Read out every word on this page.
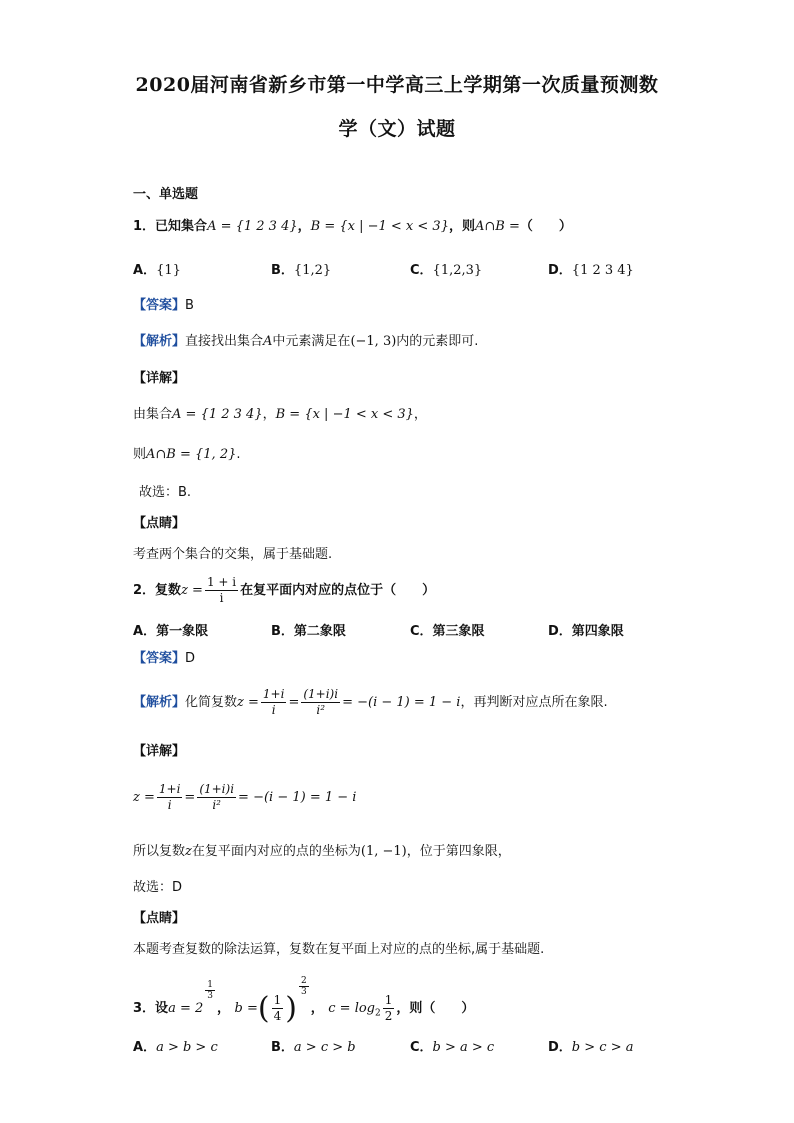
2020届河南省新乡市第一中学高三上学期第一次质量预测数
学（文）试题
一、单选题
1．已知集合A = {1 2 3 4}，B = {x | −1 < x < 3}，则A∩B =（　　）
A．{1}	B．{1,2}	C．{1,2,3}	D．{1 2 3 4}
【答案】B
【解析】直接找出集合A中元素满足在(−1, 3)内的元素即可.
【详解】
由集合A = {1 2 3 4}，B = {x | −1 < x < 3}，
则A∩B = {1, 2}.
故选：B.
【点睛】
考查两个集合的交集，属于基础题.
2．复数$z = \frac{1 + i}{i}$ 在复平面内对应的点位于（　　）
A．第一象限	B．第二象限	C．第三象限	D．第四象限
【答案】D
【解析】化简复数$z = \frac{1+i}{i} = \frac{(1+i)i}{\text{i²}} = -(i - 1) = 1 - i$，再判断对应点所在象限.
【详解】
$z = \frac{1+i}{i} = \frac{(1+i)i}{\text{i²}} = -(i - 1) = 1 - i$
所以复数z在复平面内对应的点的坐标为(1, −1)，位于第四象限，
故选：D
【点睛】
本题考查复数的除法运算，复数在复平面上对应的点的坐标,属于基础题.
3．设a = 2
$\frac{1}{3}$
， b =( $\frac{1}{4}$ )
$\frac{2}{3}$
， $c = \log_2 \frac{1}{2}$ ，则（　　）
A．a > b > c	B．a > c > b	C．b > a > c	D．b > c > a
